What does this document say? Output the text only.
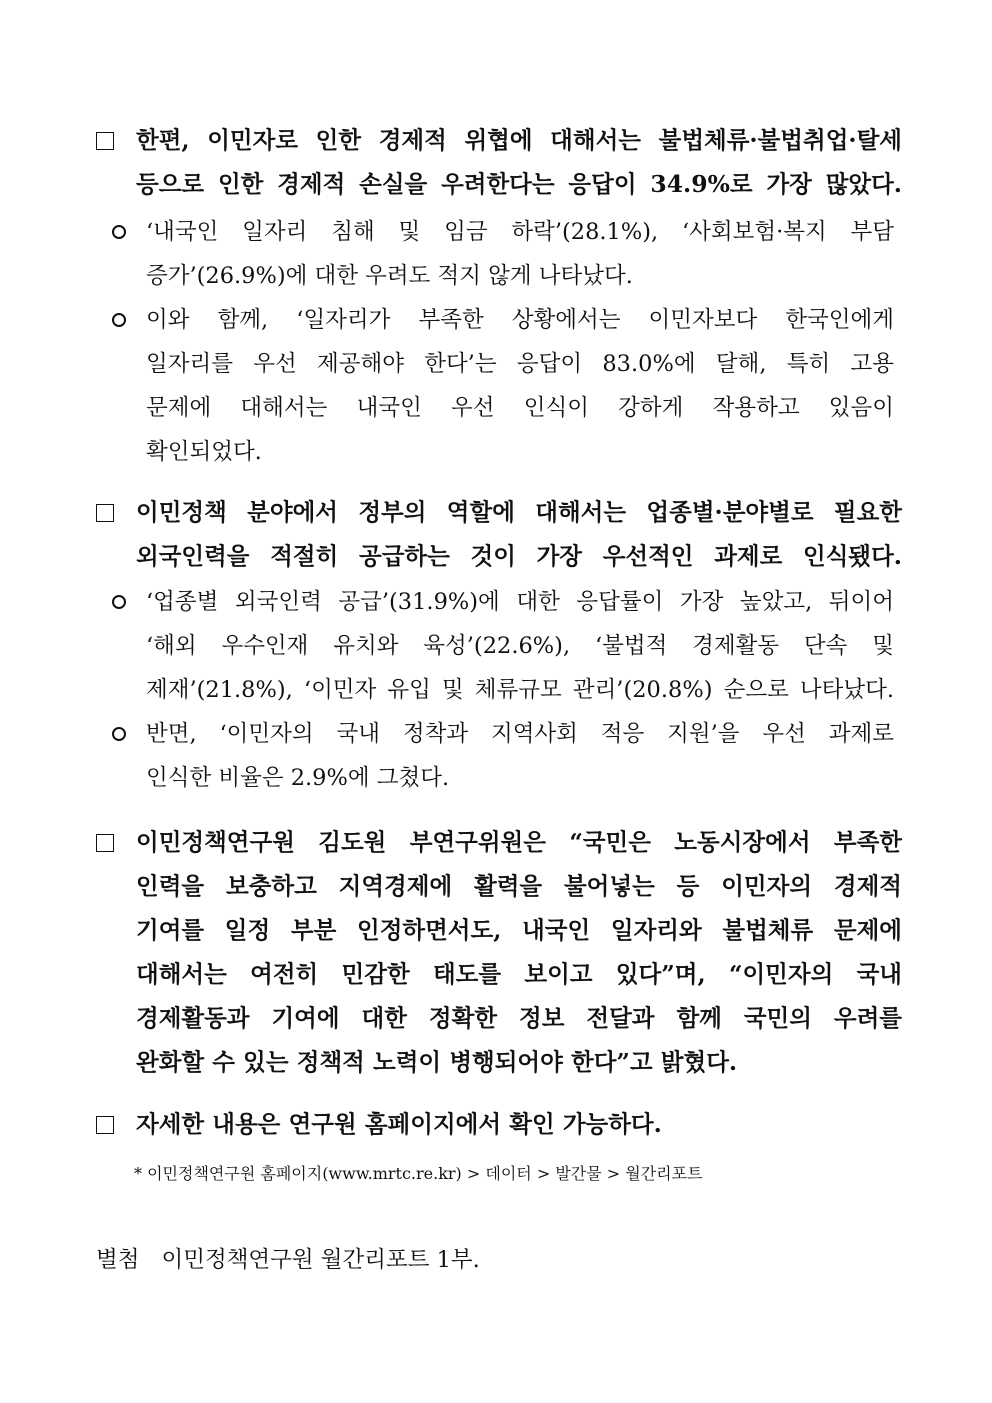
한편, 이민자로 인한 경제적 위협에 대해서는 불법체류·불법취업·탈세
등으로 인한 경제적 손실을 우려한다는 응답이 34.9%로 가장 많았다.
‘내국인 일자리 침해 및 임금 하락’(28.1%), ‘사회보험·복지 부담
증가’(26.9%)에 대한 우려도 적지 않게 나타났다.
이와 함께, ‘일자리가 부족한 상황에서는 이민자보다 한국인에게
일자리를 우선 제공해야 한다’는 응답이 83.0%에 달해, 특히 고용
문제에 대해서는 내국인 우선 인식이 강하게 작용하고 있음이
확인되었다.
이민정책 분야에서 정부의 역할에 대해서는 업종별·분야별로 필요한
외국인력을 적절히 공급하는 것이 가장 우선적인 과제로 인식됐다.
‘업종별 외국인력 공급’(31.9%)에 대한 응답률이 가장 높았고, 뒤이어
‘해외 우수인재 유치와 육성’(22.6%), ‘불법적 경제활동 단속 및
제재’(21.8%), ‘이민자 유입 및 체류규모 관리’(20.8%) 순으로 나타났다.
반면, ‘이민자의 국내 정착과 지역사회 적응 지원’을 우선 과제로
인식한 비율은 2.9%에 그쳤다.
이민정책연구원 김도원 부연구위원은 “국민은 노동시장에서 부족한
인력을 보충하고 지역경제에 활력을 불어넣는 등 이민자의 경제적
기여를 일정 부분 인정하면서도, 내국인 일자리와 불법체류 문제에
대해서는 여전히 민감한 태도를 보이고 있다”며, “이민자의 국내
경제활동과 기여에 대한 정확한 정보 전달과 함께 국민의 우려를
완화할 수 있는 정책적 노력이 병행되어야 한다”고 밝혔다.
자세한 내용은 연구원 홈페이지에서 확인 가능하다.
* 이민정책연구원 홈페이지(www.mrtc.re.kr) > 데이터 > 발간물 > 월간리포트
별첨 이민정책연구원 월간리포트 1부.
